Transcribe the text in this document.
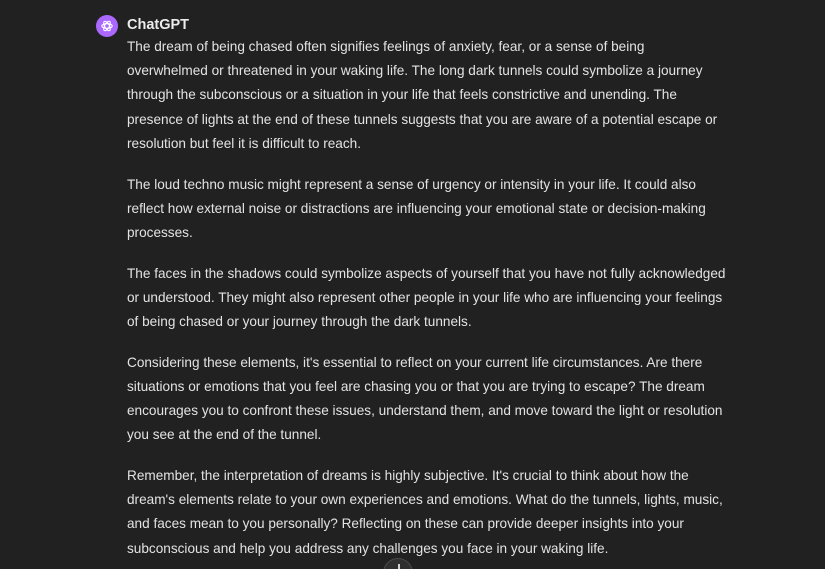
ChatGPT

The dream of being chased often signifies feelings of anxiety, fear, or a sense of being overwhelmed or threatened in your waking life. The long dark tunnels could symbolize a journey through the subconscious or a situation in your life that feels constrictive and unending. The presence of lights at the end of these tunnels suggests that you are aware of a potential escape or resolution but feel it is difficult to reach.

The loud techno music might represent a sense of urgency or intensity in your life. It could also reflect how external noise or distractions are influencing your emotional state or decision-making processes.

The faces in the shadows could symbolize aspects of yourself that you have not fully acknowledged or understood. They might also represent other people in your life who are influencing your feelings of being chased or your journey through the dark tunnels.

Considering these elements, it's essential to reflect on your current life circumstances. Are there situations or emotions that you feel are chasing you or that you are trying to escape? The dream encourages you to confront these issues, understand them, and move toward the light or resolution you see at the end of the tunnel.

Remember, the interpretation of dreams is highly subjective. It's crucial to think about how the dream's elements relate to your own experiences and emotions. What do the tunnels, lights, music, and faces mean to you personally? Reflecting on these can provide deeper insights into your subconscious and help you address any challenges you face in your waking life.
